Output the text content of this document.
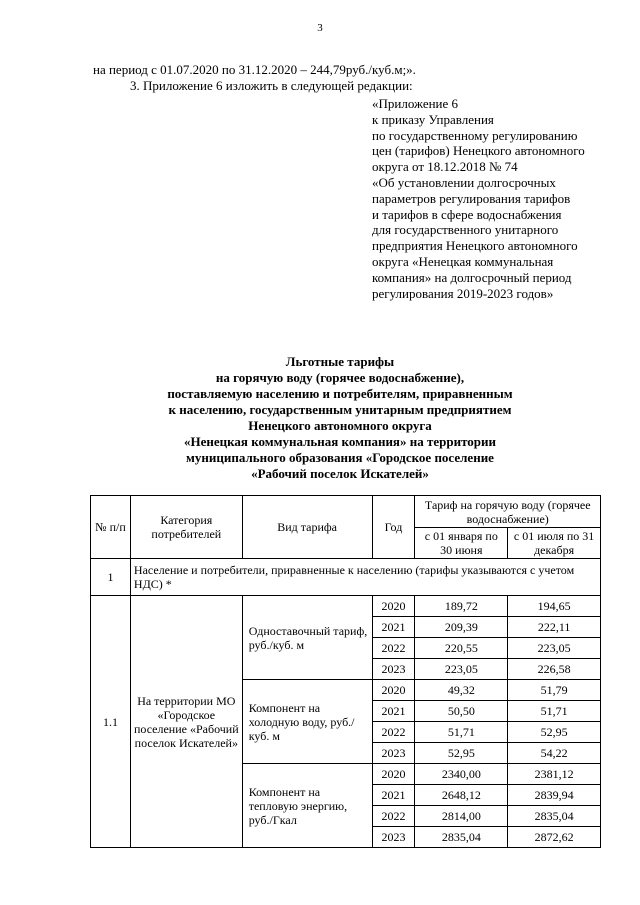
3
на период с 01.07.2020 по 31.12.2020 – 244,79руб./куб.м;».
3. Приложение 6 изложить в следующей редакции:
«Приложение 6
к приказу Управления
по государственному регулированию
цен (тарифов) Ненецкого автономного
округа от 18.12.2018 № 74
«Об установлении долгосрочных
параметров регулирования тарифов
и тарифов в сфере водоснабжения
для государственного унитарного
предприятия Ненецкого автономного
округа «Ненецкая коммунальная
компания» на долгосрочный период
регулирования 2019-2023 годов»
Льготные тарифы
на горячую воду (горячее водоснабжение),
поставляемую населению и потребителям, приравненным
к населению, государственным унитарным предприятием
Ненецкого автономного округа
«Ненецкая коммунальная компания» на территории
муниципального образования «Городское поселение
«Рабочий поселок Искателей»
№ п/п	Категория потребителей	Вид тарифа	Год	Тариф на горячую воду (горячее водоснабжение)	
				с 01 января по 30 июня	с 01 июля по 31 декабря
1	Население и потребители, приравненные к населению (тарифы указываются с учетом НДС) *				
1.1	На территории МО «Городское поселение «Рабочий поселок Искателей»	Одноставочный тариф, руб./куб. м	2020	189,72	194,65
			2021	209,39	222,11
			2022	220,55	223,05
			2023	223,05	226,58
		Компонент на холодную воду, руб./куб. м	2020	49,32	51,79
			2021	50,50	51,71
			2022	51,71	52,95
			2023	52,95	54,22
		Компонент на тепловую энергию, руб./Гкал	2020	2340,00	2381,12
			2021	2648,12	2839,94
			2022	2814,00	2835,04
			2023	2835,04	2872,62
